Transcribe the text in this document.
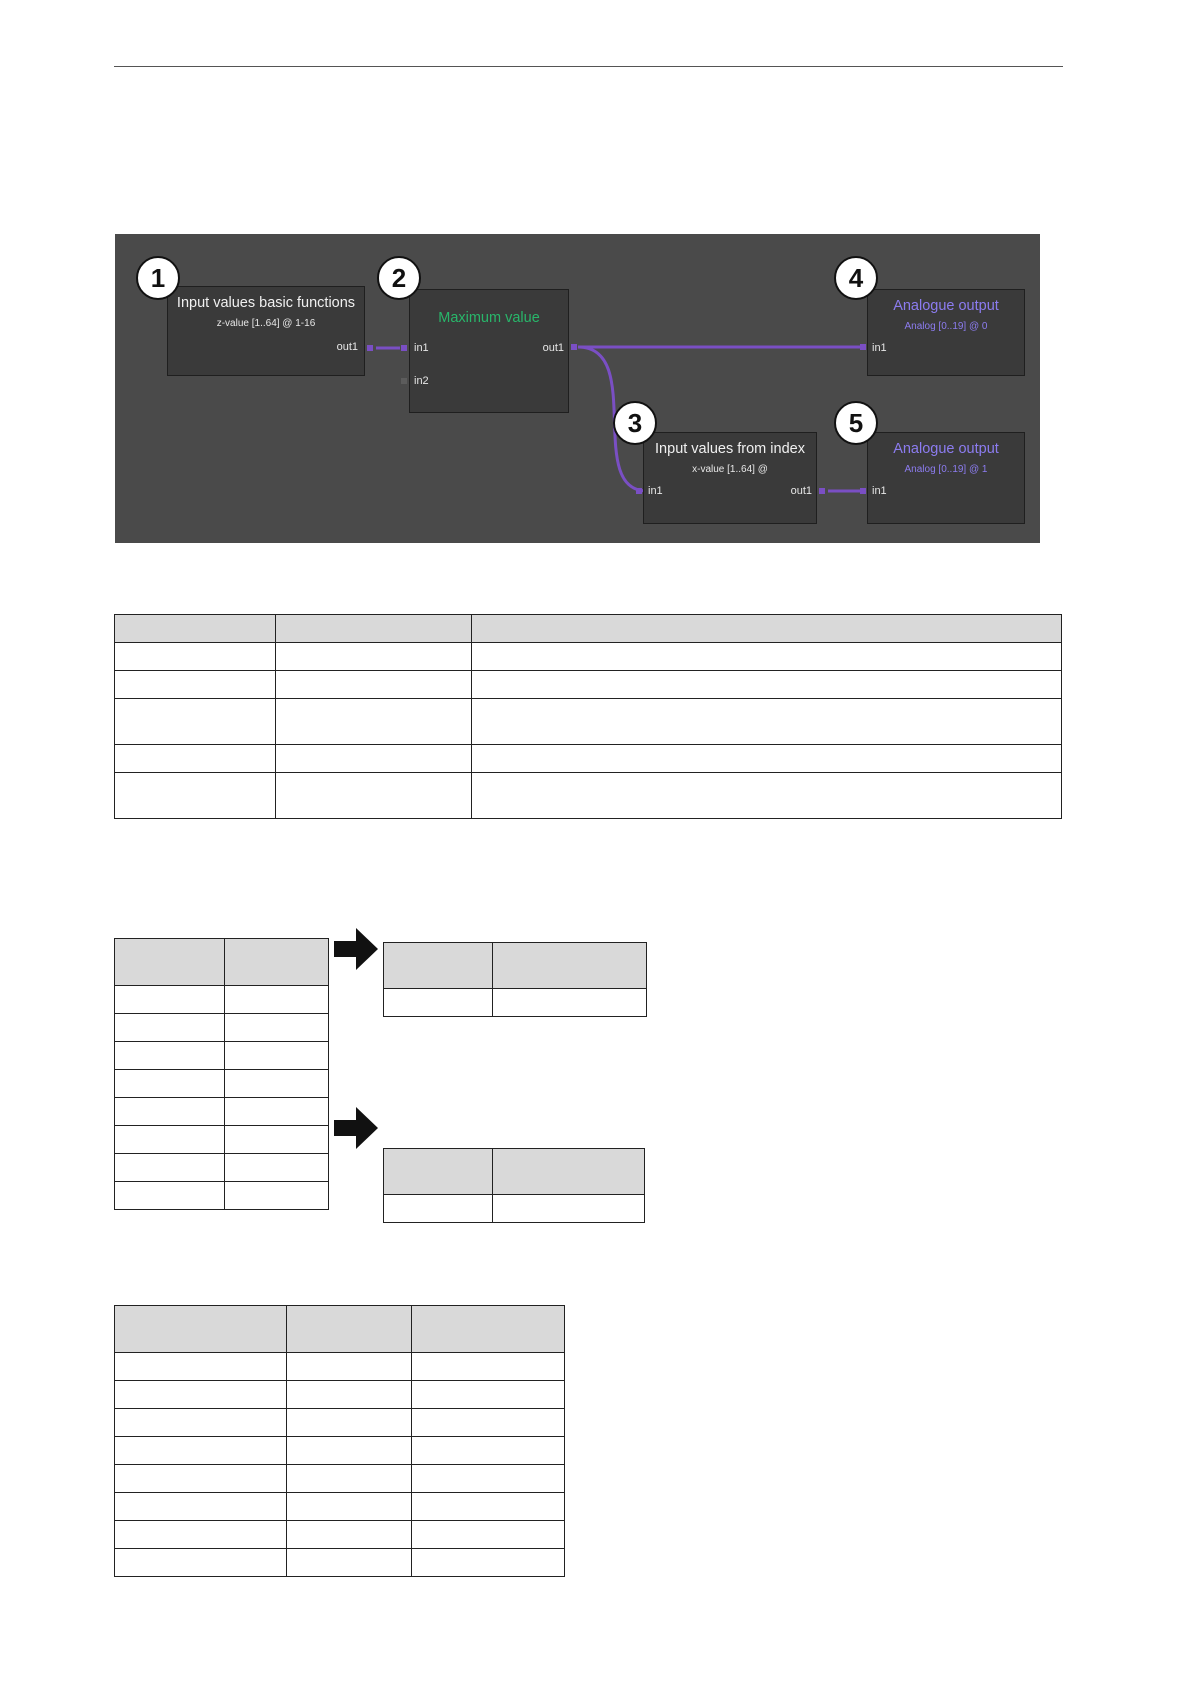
Input values basic functions
z-value [1..64] @ 1-16
out1
Maximum value
in1
in2
out1
Input values from index
x-value [1..64] @
in1	out1
Analogue output
Analog [0..19] @ 0
in1
Analogue output
Analog [0..19] @ 1
in1
1	2
3
4
5
